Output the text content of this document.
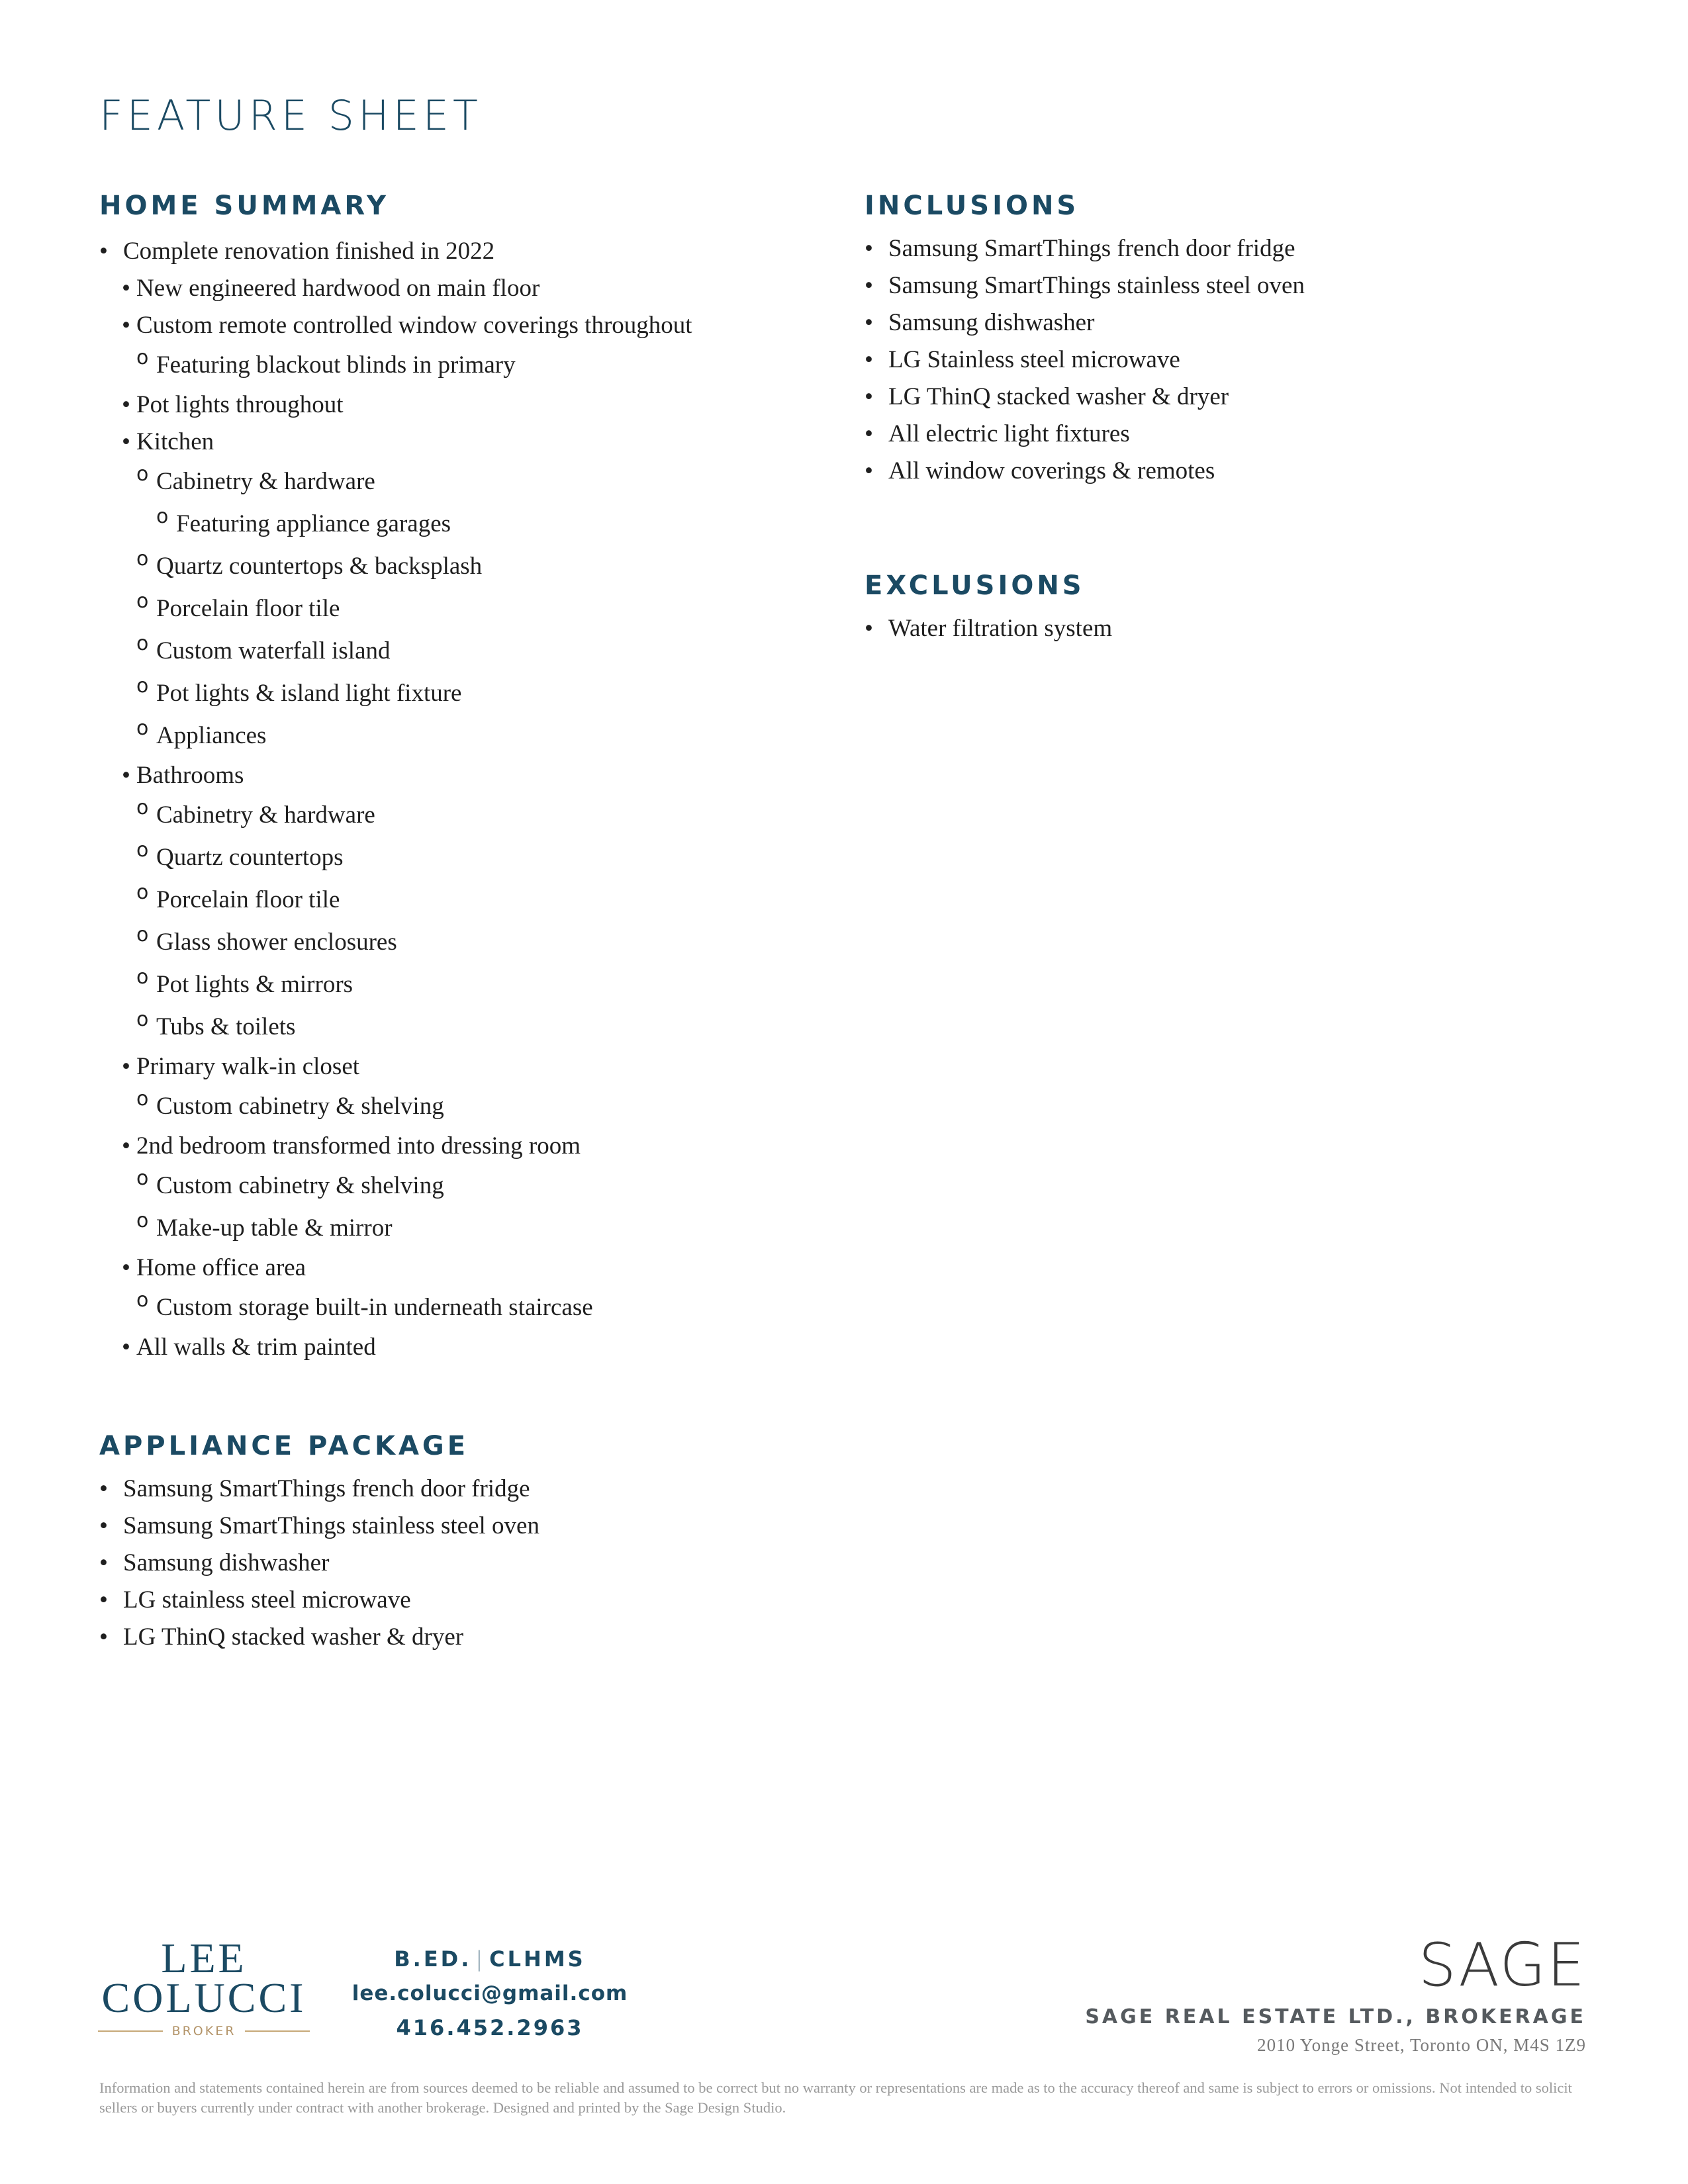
FEATURE SHEET
HOME SUMMARY
• Complete renovation finished in 2022
• New engineered hardwood on main floor
• Custom remote controlled window coverings throughout
o Featuring blackout blinds in primary
• Pot lights throughout
• Kitchen
o Cabinetry & hardware
o Featuring appliance garages
o Quartz countertops & backsplash
o Porcelain floor tile
o Custom waterfall island
o Pot lights & island light fixture
o Appliances
• Bathrooms
o Cabinetry & hardware
o Quartz countertops
o Porcelain floor tile
o Glass shower enclosures
o Pot lights & mirrors
o Tubs & toilets
• Primary walk-in closet
o Custom cabinetry & shelving
• 2nd bedroom transformed into dressing room
o Custom cabinetry & shelving
o Make-up table & mirror
• Home office area
o Custom storage built-in underneath staircase
• All walls & trim painted
APPLIANCE PACKAGE
• Samsung SmartThings french door fridge
• Samsung SmartThings stainless steel oven
• Samsung dishwasher
• LG stainless steel microwave
• LG ThinQ stacked washer & dryer
INCLUSIONS
• Samsung SmartThings french door fridge
• Samsung SmartThings stainless steel oven
• Samsung dishwasher
• LG Stainless steel microwave
• LG ThinQ stacked washer & dryer
• All electric light fixtures
• All window coverings & remotes
EXCLUSIONS
• Water filtration system
LEE
COLUCCI
BROKER
B.ED. | CLHMS
lee.colucci@gmail.com
416.452.2963
SAGE
SAGE REAL ESTATE LTD., BROKERAGE
2010 Yonge Street, Toronto ON, M4S 1Z9
Information and statements contained herein are from sources deemed to be reliable and assumed to be correct but no warranty or representations are made as to the accuracy thereof and same is subject to errors or omissions. Not intended to solicit sellers or buyers currently under contract with another brokerage. Designed and printed by the Sage Design Studio.
